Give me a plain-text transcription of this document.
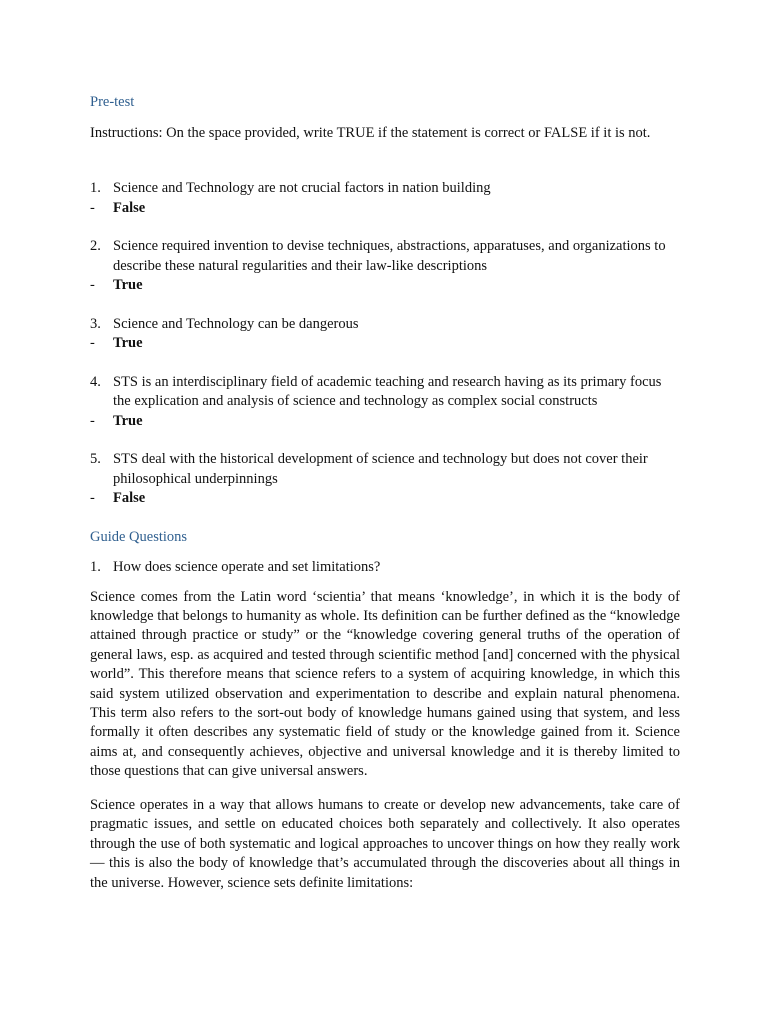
Pre-test
Instructions: On the space provided, write TRUE if the statement is correct or FALSE if it is not.
1. Science and Technology are not crucial factors in nation building
-	False
2. Science required invention to devise techniques, abstractions, apparatuses, and organizations to describe these natural regularities and their law-like descriptions
-	True
3. Science and Technology can be dangerous
-	True
4. STS is an interdisciplinary field of academic teaching and research having as its primary focus the explication and analysis of science and technology as complex social constructs
-	True
5. STS deal with the historical development of science and technology but does not cover their philosophical underpinnings
-	False
Guide Questions
1. How does science operate and set limitations?

Science comes from the Latin word ‘scientia’ that means ‘knowledge’, in which it is the body of knowledge that belongs to humanity as whole. Its definition can be further defined as the “knowledge attained through practice or study” or the “knowledge covering general truths of the operation of general laws, esp. as acquired and tested through scientific method [and] concerned with the physical world”. This therefore means that science refers to a system of acquiring knowledge, in which this said system utilized observation and experimentation to describe and explain natural phenomena. This term also refers to the sort-out body of knowledge humans gained using that system, and less formally it often describes any systematic field of study or the knowledge gained from it. Science aims at, and consequently achieves, objective and universal knowledge and it is thereby limited to those questions that can give universal answers.

Science operates in a way that allows humans to create or develop new advancements, take care of pragmatic issues, and settle on educated choices both separately and collectively. It also operates through the use of both systematic and logical approaches to uncover things on how they really work— this is also the body of knowledge that’s accumulated through the discoveries about all things in the universe. However, science sets definite limitations:
